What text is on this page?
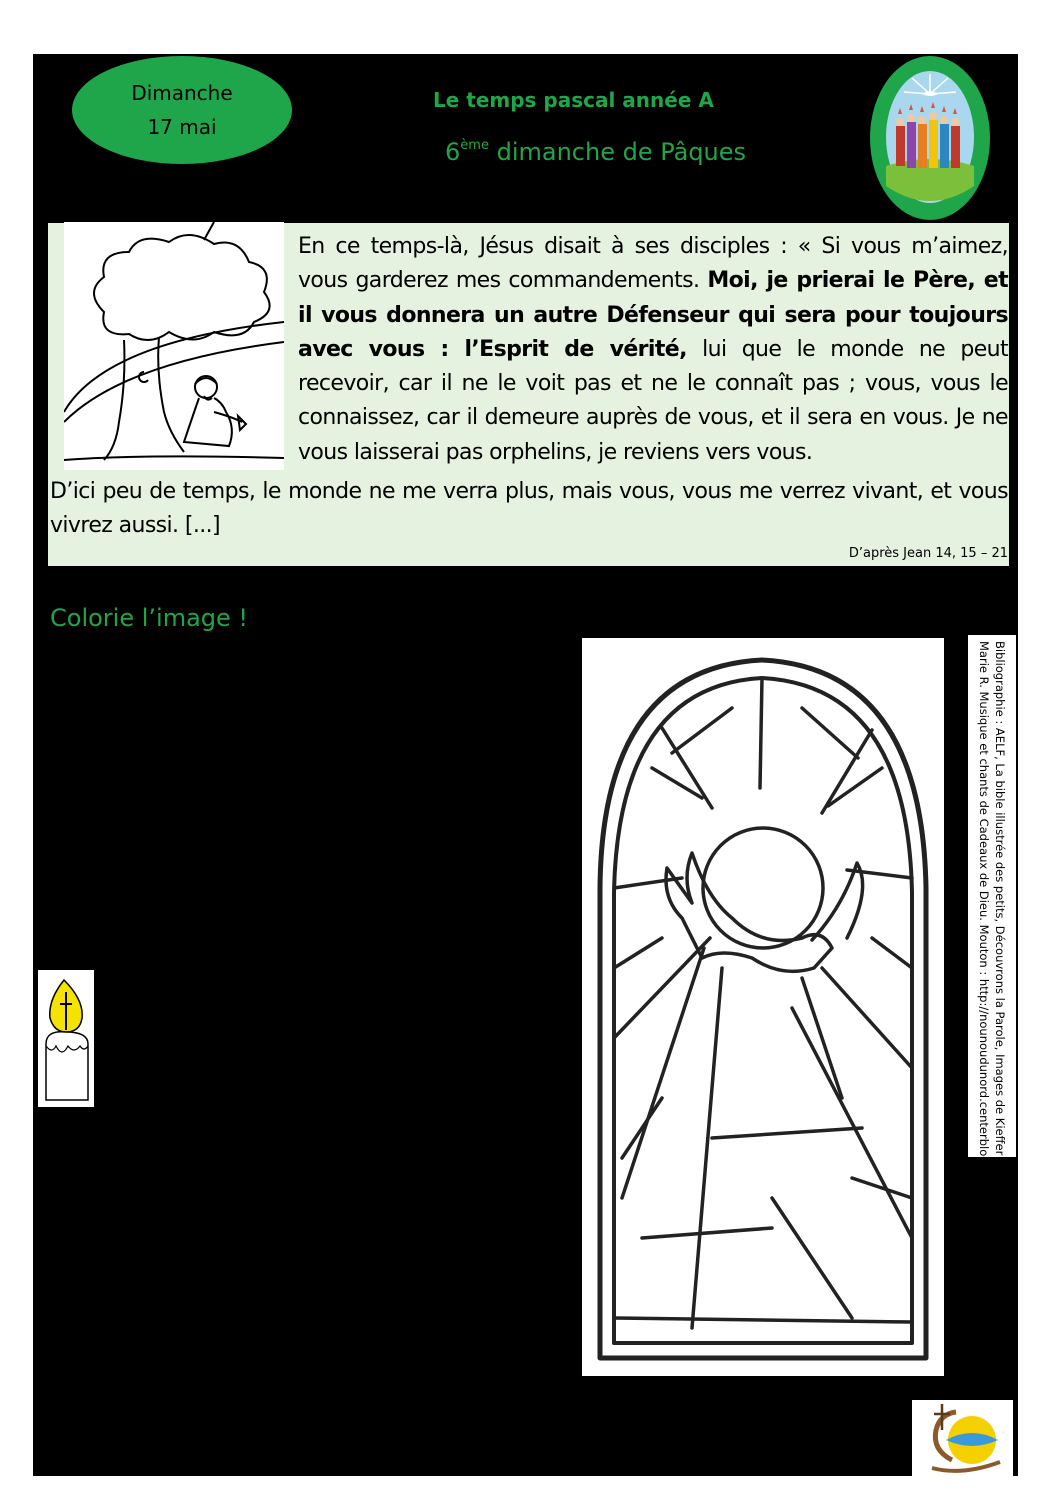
Dimanche
17 mai
Le temps pascal année A
6ème dimanche de Pâques
En ce temps-là, Jésus disait à ses disciples : « Si vous m’aimez, vous garderez mes commandements. Moi, je prierai le Père, et il vous donnera un autre Défenseur qui sera pour toujours avec vous : l’Esprit de vérité, lui que le monde ne peut recevoir, car il ne le voit pas et ne le connaît pas ; vous, vous le connaissez, car il demeure auprès de vous, et il sera en vous. Je ne vous laisserai pas orphelins, je reviens vers vous.
D’ici peu de temps, le monde ne me verra plus, mais vous, vous me verrez vivant, et vous vivrez aussi. [...]
D’après Jean 14, 15 – 21
Colorie l’image !
Bibliographie : AELF, La bible illustrée des petits, Découvrons la Parole, Images de Kieffer et de
Marie R. Musique et chants de Cadeaux de Dieu. Mouton : http://nounoudunord.centerblog.net/
